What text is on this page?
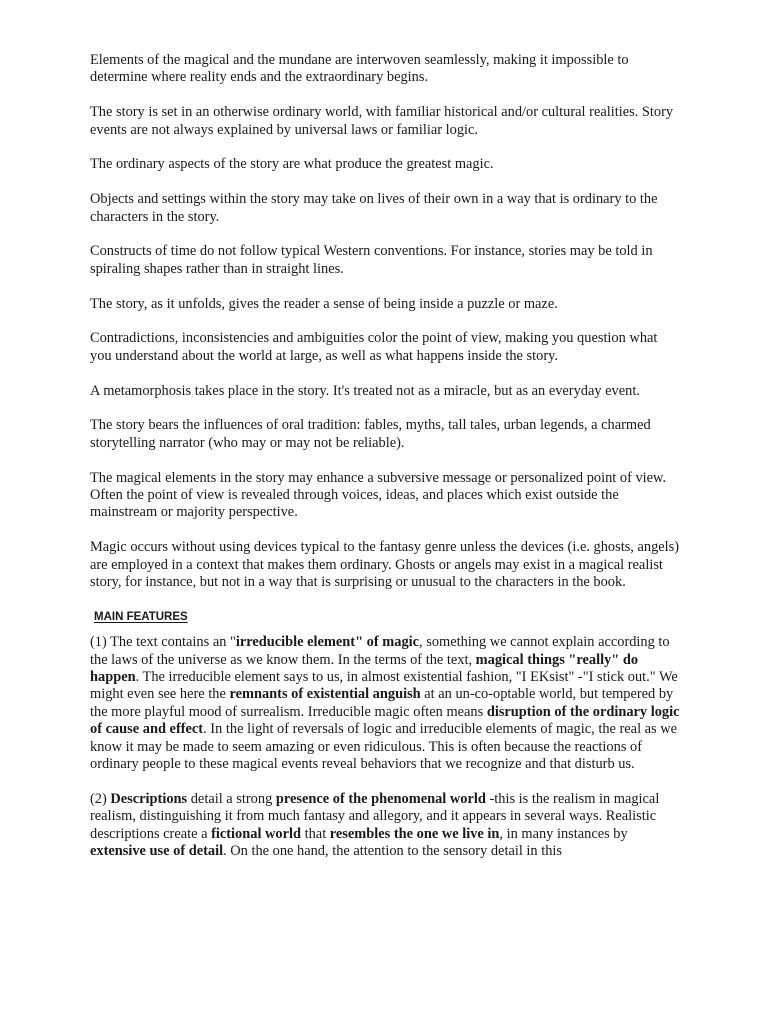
Elements of the magical and the mundane are interwoven seamlessly, making it impossible to determine where reality ends and the extraordinary begins.

The story is set in an otherwise ordinary world, with familiar historical and/or cultural realities. Story events are not always explained by universal laws or familiar logic.

The ordinary aspects of the story are what produce the greatest magic.

Objects and settings within the story may take on lives of their own in a way that is ordinary to the characters in the story.

Constructs of time do not follow typical Western conventions. For instance, stories may be told in spiraling shapes rather than in straight lines.

The story, as it unfolds, gives the reader a sense of being inside a puzzle or maze.

Contradictions, inconsistencies and ambiguities color the point of view, making you question what you understand about the world at large, as well as what happens inside the story.

A metamorphosis takes place in the story. It's treated not as a miracle, but as an everyday event.

The story bears the influences of oral tradition: fables, myths, tall tales, urban legends, a charmed storytelling narrator (who may or may not be reliable).

The magical elements in the story may enhance a subversive message or personalized point of view. Often the point of view is revealed through voices, ideas, and places which exist outside the mainstream or majority perspective.

Magic occurs without using devices typical to the fantasy genre unless the devices (i.e. ghosts, angels) are employed in a context that makes them ordinary. Ghosts or angels may exist in a magical realist story, for instance, but not in a way that is surprising or unusual to the characters in the book.

MAIN FEATURES

(1) The text contains an "irreducible element" of magic, something we cannot explain according to the laws of the universe as we know them. In the terms of the text, magical things "really" do happen. The irreducible element says to us, in almost existential fashion, "I EKsist" -"I stick out." We might even see here the remnants of existential anguish at an un-co-optable world, but tempered by the more playful mood of surrealism. Irreducible magic often means disruption of the ordinary logic of cause and effect. In the light of reversals of logic and irreducible elements of magic, the real as we know it may be made to seem amazing or even ridiculous. This is often because the reactions of ordinary people to these magical events reveal behaviors that we recognize and that disturb us.

(2) Descriptions detail a strong presence of the phenomenal world -this is the realism in magical realism, distinguishing it from much fantasy and allegory, and it appears in several ways. Realistic descriptions create a fictional world that resembles the one we live in, in many instances by extensive use of detail. On the one hand, the attention to the sensory detail in this
